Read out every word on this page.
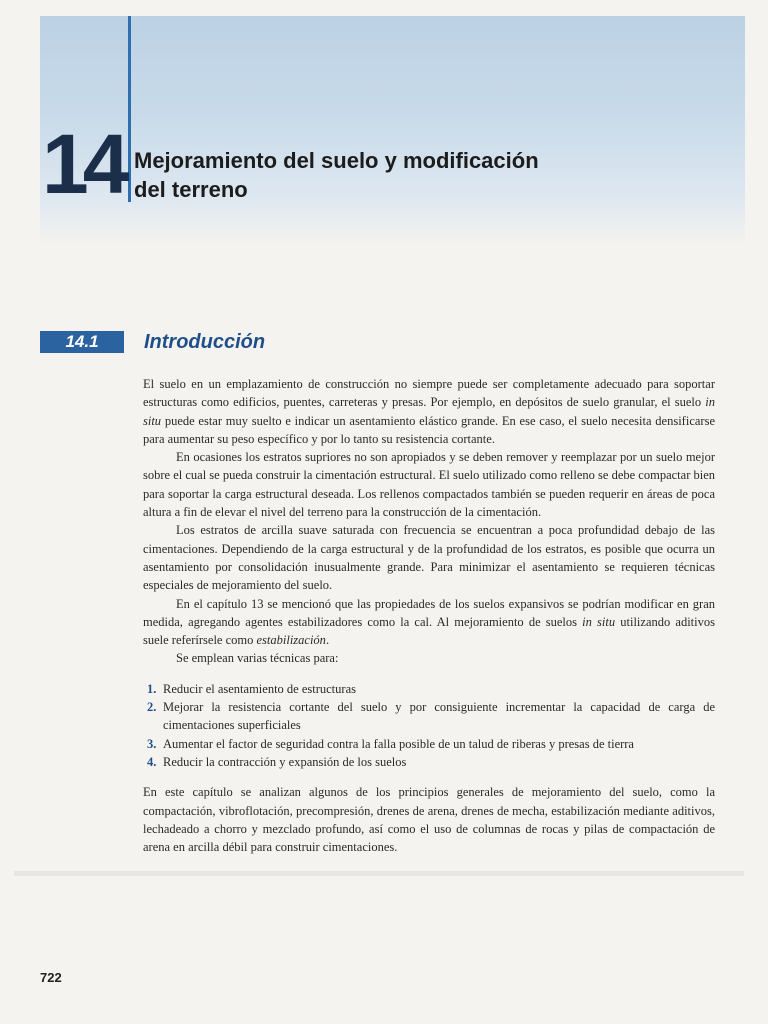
14 Mejoramiento del suelo y modificación
del terreno
14.1	Introducción

El suelo en un emplazamiento de construcción no siempre puede ser completamente adecuado para soportar estructuras como edificios, puentes, carreteras y presas. Por ejemplo, en depósitos de suelo granular, el suelo in situ puede estar muy suelto e indicar un asentamiento elástico grande. En ese caso, el suelo necesita densificarse para aumentar su peso específico y por lo tanto su resistencia cortante.

En ocasiones los estratos supriores no son apropiados y se deben remover y reemplazar por un suelo mejor sobre el cual se pueda construir la cimentación estructural. El suelo utilizado como relleno se debe compactar bien para soportar la carga estructural deseada. Los rellenos compactados también se pueden requerir en áreas de poca altura a fin de elevar el nivel del terreno para la construcción de la cimentación.

Los estratos de arcilla suave saturada con frecuencia se encuentran a poca profundidad debajo de las cimentaciones. Dependiendo de la carga estructural y de la profundidad de los estratos, es posible que ocurra un asentamiento por consolidación inusualmente grande. Para minimizar el asentamiento se requieren técnicas especiales de mejoramiento del suelo.

En el capítulo 13 se mencionó que las propiedades de los suelos expansivos se podrían modificar en gran medida, agregando agentes estabilizadores como la cal. Al mejoramiento de suelos in situ utilizando aditivos suele referírsele como estabilización.

Se emplean varias técnicas para:

1. Reducir el asentamiento de estructuras
2. Mejorar la resistencia cortante del suelo y por consiguiente incrementar la capacidad de carga de cimentaciones superficiales
3. Aumentar el factor de seguridad contra la falla posible de un talud de riberas y presas de tierra
4. Reducir la contracción y expansión de los suelos

En este capítulo se analizan algunos de los principios generales de mejoramiento del suelo, como la compactación, vibroflotación, precompresión, drenes de arena, drenes de mecha, estabilización mediante aditivos, lechadeado a chorro y mezclado profundo, así como el uso de columnas de rocas y pilas de compactación de arena en arcilla débil para construir cimentaciones.

722
